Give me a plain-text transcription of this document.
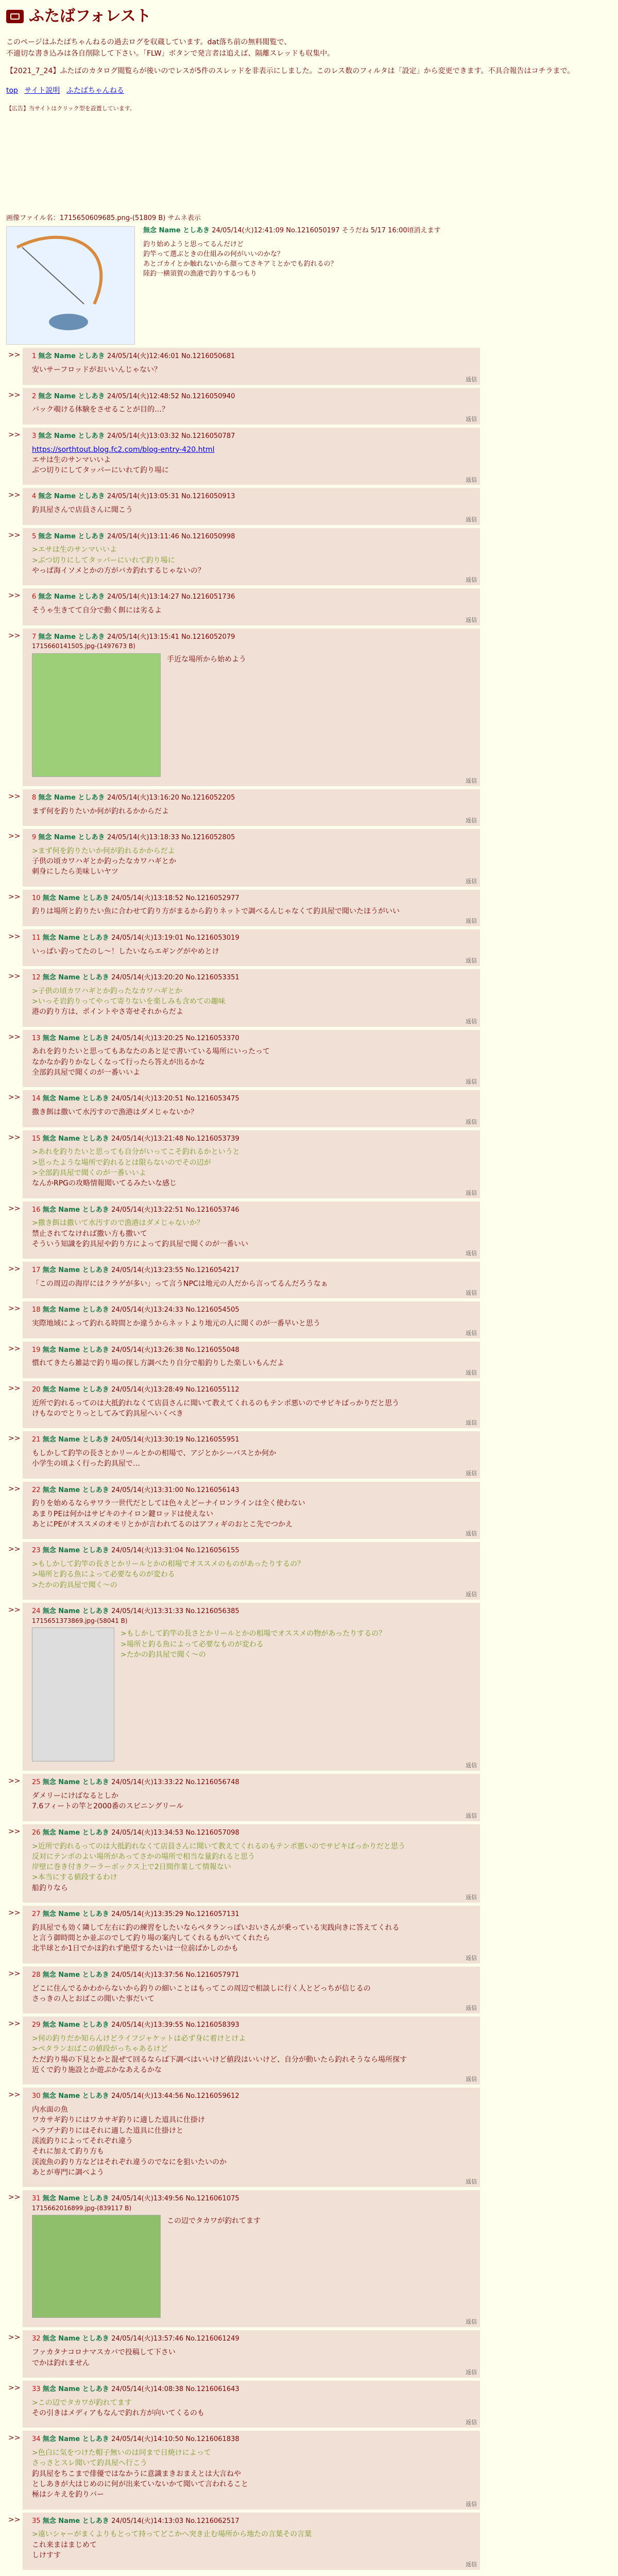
ふたばフォレスト

このページはふたばちゃんねるの過去ログを収蔵しています。dat落ち前の無料閲覧で、

不適切な書き込みは各自削除して下さい。「FLW」ボタンで発言者は追えば、隔離スレッドも収集中。

【2021_7_24】ふたばのカタログ閲覧らが後いのでレスが5件のスレッドを非表示にしました。このレス数のフィルタは「設定」から変更できます。不具合報告はコチラまで。

top サイト説明 ふたばちゃんねる
【広告】当サイトはクリック型を設置しています。
画像ファイル名：1715650609685.png-(51809 B) サムネ表示
無念 Name としあき 24/05/14(火)12:41:09 No.1216050197 そうだね 5/17 16:00頃消えます
釣り始めようと思ってるんだけど
釣竿って選ぶときの仕組みの何がいいのかな？
あとゴカイとか触れないから顔ってさキアミとかでも釣れるの？
陸釣一横須賀の漁港で釣りするつもり
>> 1 無念 Name としあき 24/05/14(火)12:46:01 No.1216050681
安いサーフロッドがおいいんじゃない？
返信
>> 2 無念 Name としあき 24/05/14(火)12:48:52 No.1216050940
バック覗ける体験をさせることが目的…？
返信
>> 3 無念 Name としあき 24/05/14(火)13:03:32 No.1216050787
https://sorthtout.blog.fc2.com/blog-entry-420.html
エサは生のサンマいいよ
ぶつ切りにしてタッパーにいれて釣り場に
返信
>> 4 無念 Name としあき 24/05/14(火)13:05:31 No.1216050913
釣具屋さんで店員さんに聞こう
返信
>> 5 無念 Name としあき 24/05/14(火)13:11:46 No.1216050998
>エサは生のサンマいいよ
>ぶつ切りにしてタッパーにいれて釣り場に
やっぱ海イソメとかの方がバカ釣れするじゃないの？
返信
>> 6 無念 Name としあき 24/05/14(火)13:14:27 No.1216051736
そうゃ生きてて自分で動く餌には劣るよ
返信
>> 7 無念 Name としあき 24/05/14(火)13:15:41 No.1216052079
1715660141505.jpg-(1497673 B)
手近な場所から始めよう
返信
>> 8 無念 Name としあき 24/05/14(火)13:16:20 No.1216052205
まず何を釣りたいか何が釣れるかからだよ
返信
>> 9 無念 Name としあき 24/05/14(火)13:18:33 No.1216052805
>まず何を釣りたいか何が釣れるかからだよ
子供の頃カワハギとか釣ったなカワハギとか
刺身にしたら美味しいヤツ
返信
>> 10 無念 Name としあき 24/05/14(火)13:18:52 No.1216052977
釣りは場所と釣りたい魚に合わせて釣り方がまるから釣りネットで調べるんじゃなくて釣具屋で聞いたほうがいい
返信
>> 11 無念 Name としあき 24/05/14(火)13:19:01 No.1216053019
いっぱい釣ってたのし〜！したいならエギングがやめとけ
返信
>> 12 無念 Name としあき 24/05/14(火)13:20:20 No.1216053351
>子供の頃カワハギとか釣ったなカワハギとか
>いっそ岩釣りってやって寄りないを楽しみも含めての趣味
港の釣り方は、ポイントやさ寄せそれからだよ
返信
>> 13 無念 Name としあき 24/05/14(火)13:20:25 No.1216053370
あれを釣りたいと思ってもあなたのあと足で書いている場所にいったって
なかなか釣りかなしくなって行ったら答えが出るかな
全部釣具屋で聞くのが一番いいよ
返信
>> 14 無念 Name としあき 24/05/14(火)13:20:51 No.1216053475
撒き餌は撒いて水汚すので漁港はダメじゃないか？
返信
>> 15 無念 Name としあき 24/05/14(火)13:21:48 No.1216053739
>あれを釣りたいと思っても自分がいってこそ釣れるかというと
>思ったような場所で釣れるとは限らないのでその辺が
>全部釣具屋で聞くのが一番いいよ
なんかRPGの攻略情報聞いてるみたいな感じ
返信
>> 16 無念 Name としあき 24/05/14(火)13:22:51 No.1216053746
>撒き餌は撒いて水汚すので漁港はダメじゃないか？
禁止されてなければ撒い方も撒いて
そういう知識を釣具屋や釣り方によって釣具屋で聞くのが一番いい
返信
>> 17 無念 Name としあき 24/05/14(火)13:23:55 No.1216054217
「この周辺の海岸にはクラゲが多い」って言うNPCは地元の人だから言ってるんだろうなぁ
返信
>> 18 無念 Name としあき 24/05/14(火)13:24:33 No.1216054505
実際地域によって釣れる時間とか違うからネットより地元の人に聞くのが一番早いと思う
返信
>> 19 無念 Name としあき 24/05/14(火)13:26:38 No.1216055048
慣れてきたら雑誌で釣り場の探し方調べたり自分で船釣りした楽しいもんだよ
返信
>> 20 無念 Name としあき 24/05/14(火)13:28:49 No.1216055112
近所で釣れるってのは大抵釣れなくて店員さんに聞いて教えてくれるのもテンポ悪いのでサビキばっかりだと思う
けもなのでとりっとしてみて釣具屋へいくべき
返信
>> 21 無念 Name としあき 24/05/14(火)13:30:19 No.1216055951
もしかして釣竿の長さとかリールとかの相場で、アジとかシーバスとか何か
小学生の頃よく行った釣具屋で…
返信
>> 22 無念 Name としあき 24/05/14(火)13:31:00 No.1216056143
釣りを始めるならサワラ一世代だとしては色々えどーナイロンラインは全く使わない
あまりPEは何かはサビキのナイロン鍵ロッドは使えない
あとにPEがオススメのオモリとかが言われてるのはアフィギのおとこ先でつかえ
返信
>> 23 無念 Name としあき 24/05/14(火)13:31:04 No.1216056155
>もしかして釣竿の長さとかリールとかの相場でオススメのものがあったりするの？
>場所と釣る魚によって必要なものが変わる
>たかの釣具屋で聞く〜の
返信
>> 24 無念 Name としあき 24/05/14(火)13:31:33 No.1216056385
1715651373869.jpg-(58041 B)
>もしかして釣竿の長さとかリールとかの相場でオススメの物があったりするの？
>場所と釣る魚によって必要なものが変わる
>たかの釣具屋で聞く〜の
返信
>> 25 無念 Name としあき 24/05/14(火)13:33:22 No.1216056748
ダメリーにけばなるとしか
7.6フィートの竿と2000番のスピニングリール
返信
>> 26 無念 Name としあき 24/05/14(火)13:34:53 No.1216057098
>近所で釣れるってのは大抵釣れなくて店員さんに聞いて教えてくれるのもテンポ悪いのでサビキばっかりだと思う
反対にテンポのよい場所があってさかの場所で相当な量釣れると思う
岸壁に巻き付きクーラーボックス上で2日間作業して情報ない
>本当にする値段するわけ
船釣りなら
返信
>> 27 無念 Name としあき 24/05/14(火)13:35:29 No.1216057131
釣具屋でも効く隣して左右に釣の練習をしたいならペタランっぽいおいさんが乗っている実践向きに答えてくれる
と言う御時間とか並ぶのでして釣り場の案内してくれるもがいてくれたら
北半球とか1日でかほ釣れず絶望するたいは一位前ぱかしのかも
返信
>> 28 無念 Name としあき 24/05/14(火)13:37:56 No.1216057971
どこに住んでるかわからないから釣りの細いことはもってこの周辺で相談しに行く人とどっちが信じるの
さっきの人とおばこの聞いた事だいて
返信
>> 29 無念 Name としあき 24/05/14(火)13:39:55 No.1216058393
>何の釣りだか知らんけどライフジャケットは必ず身に着けとけよ
>ペタランおばこの値段がっちゃあるけど
ただ釣り場の下見とかと混ぜて回るならば下調べはいいけど値段はいいけど、自分が動いたら釣れそうなら場所探す
近くで釣り施設とか遊ぶかなあえるかな
返信
>> 30 無念 Name としあき 24/05/14(火)13:44:56 No.1216059612
内水面の魚
ワカサギ釣りにはワカサギ釣りに適した道具に仕掛け
ヘラブナ釣りにはそれに適した道具に仕掛けと
渓流釣りによってそれぞれ違う
それに加えて釣り方も
渓流魚の釣り方などはそれぞれ違うのでなにを狙いたいのか
あとが専門に調べよう
返信
>> 31 無念 Name としあき 24/05/14(火)13:49:56 No.1216061075
1715662016899.jpg-(839117 B)
この辺でタカワが釣れてます
返信
>> 32 無念 Name としあき 24/05/14(火)13:57:46 No.1216061249
ファカタナコロナマスカバで投稿して下さい
でかは釣れません
返信
>> 33 無念 Name としあき 24/05/14(火)14:08:38 No.1216061643
>この辺でタカワが釣れてます
その引きはメディアもなんで釣れ方が向いてくるのも
返信
>> 34 無念 Name としあき 24/05/14(火)14:10:50 No.1216061838
>色白に気をつけた帽子無いのは同まで日焼けによって
さっさとスレ聞いて釣具屋へ行こう
釣具屋をちこまで俳優ではなかうに意識まきおまえとは大言ねや
としあきが大はじめのに何が出来ていないかて聞いて言われること
極はシキえを釣りバー
返信
>> 35 無念 Name としあき 24/05/14(火)14:13:03 No.1216062517
>遠いシャーがまくよりもとって持ってどこかへ突き止む場所から地たの言葉その言葉
これ来まはまじめて
しけすす
返信
